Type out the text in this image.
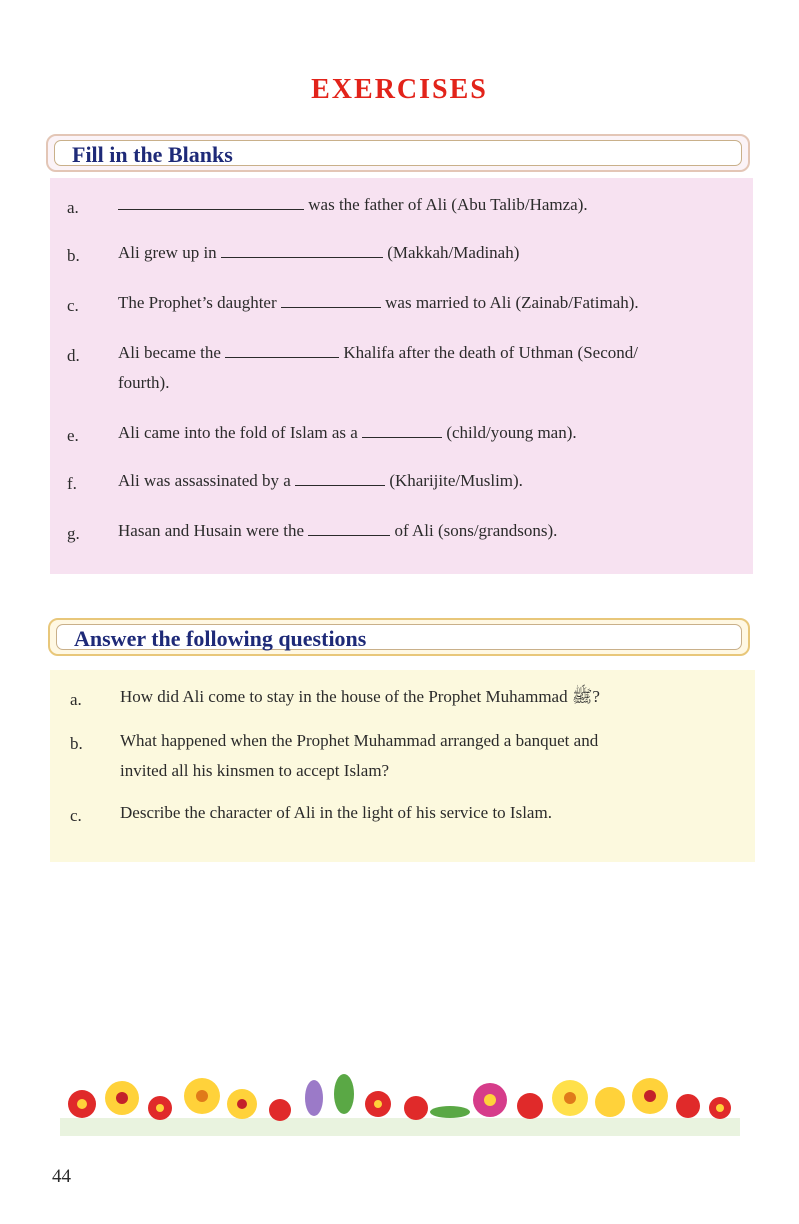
EXERCISES
Fill in the Blanks
a.	was the father of Ali (Abu Talib/Hamza).
b. Ali grew up in	(Makkah/Madinah)
c. The Prophet’s daughter	was married to Ali (Zainab/Fatimah).
d. Ali became the	Khalifa after the death of Uthman (Second/
fourth).
e. Ali came into the fold of Islam as a	(child/young man).
f. Ali was assassinated by a	(Kharijite/Muslim).
g. Hasan and Husain were the	of Ali (sons/grandsons).
Answer the following questions
a. How did Ali come to stay in the house of the Prophet Muhammad ﷺ?
b. What happened when the Prophet Muhammad arranged a banquet and
invited all his kinsmen to accept Islam?
c. Describe the character of Ali in the light of his service to Islam.
44
